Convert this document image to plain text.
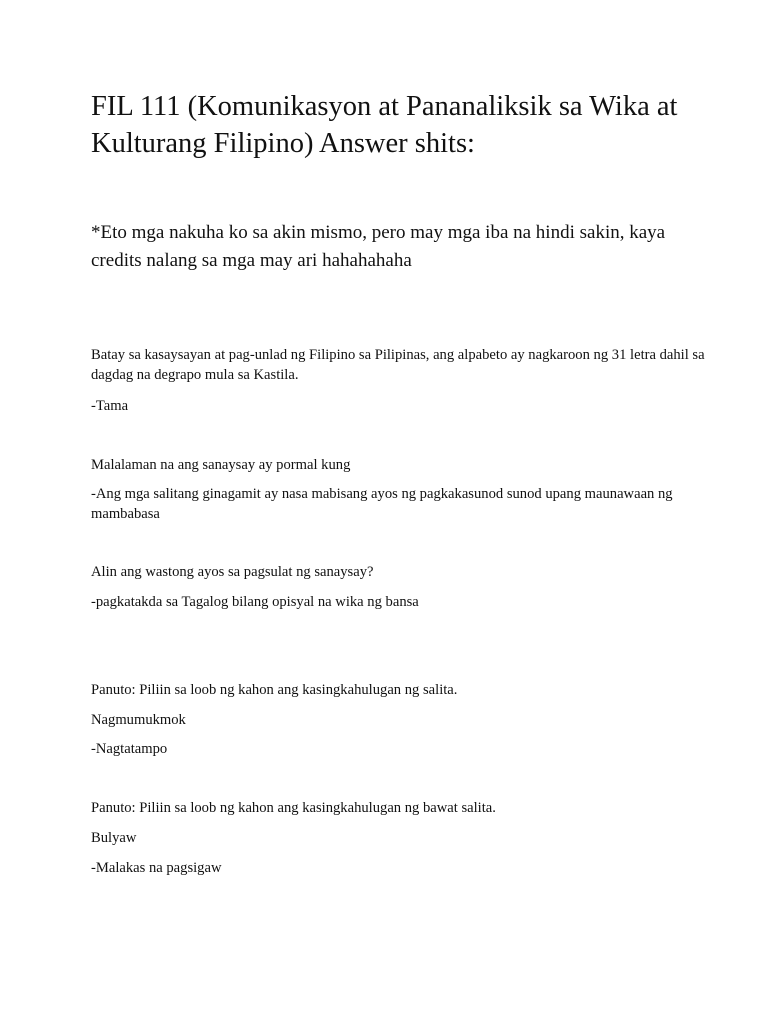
FIL 111 (Komunikasyon at Pananaliksik sa Wika at Kulturang Filipino) Answer shits:

*Eto mga nakuha ko sa akin mismo, pero may mga iba na hindi sakin, kaya credits nalang sa mga may ari hahahahaha

Batay sa kasaysayan at pag-unlad ng Filipino sa Pilipinas, ang alpabeto ay nagkaroon ng 31 letra dahil sa dagdag na degrapo mula sa Kastila.

-Tama

Malalaman na ang sanaysay ay pormal kung

-Ang mga salitang ginagamit ay nasa mabisang ayos ng pagkakasunod sunod upang maunawaan ng mambabasa

Alin ang wastong ayos sa pagsulat ng sanaysay?

-pagkatakda sa Tagalog bilang opisyal na wika ng bansa

Panuto: Piliin sa loob ng kahon ang kasingkahulugan ng salita.

Nagmumukmok

-Nagtatampo

Panuto: Piliin sa loob ng kahon ang kasingkahulugan ng bawat salita.

Bulyaw

-Malakas na pagsigaw
